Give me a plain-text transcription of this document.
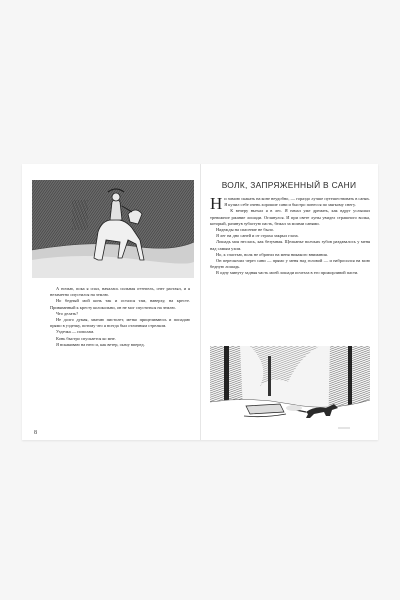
А ночью, пока я спал, началась сильная оттепель, снег растаял, и я незаметно опустился на землю.

Но бедный мой конь так и остался там, наверху, на кресте. Привязанный к кресту колокольни, он не мог спуститься на землю.

Что делать?

Не долго думая, хватаю пистолет, метко прицеливаюсь и попадаю прямо в уздечку, потому что я всегда был отличным стрелком.

Уздечка — пополам.

Конь быстро спускается ко мне.

Я вскакиваю на него и, как ветер, скачу вперед.

8
ВОЛК, ЗАПРЯЖЕННЫЙ В САНИ

Ни зимою скакать на коне неудобно, — гораздо лучше путешествовать в санях. Я купил себе очень хорошие сани и быстро понесся по мягкому снегу.

К вечеру въехал я в лес. Я начал уже дремать, как вдруг услышал тревожное ржание лошади. Оглянулся. И при свете луны увидел страшного волка, который, разинув зубастую пасть, бежал за моими санями.

Надежды на спасение не было.

Я лег на дно саней и от страха закрыл глаза.

Лошадь моя неслась, как безумная. Щелканье волчьих зубов раздавалось у меня над самым ухом.

Но, к счастью, волк не обратил на меня никакого внимания.

Он перескочил через сани — прямо у меня над головой — и набросился на мою бедную лошадь.

В одну минуту задняя часть моей лошади исчезла в его прожорливой пасти.
